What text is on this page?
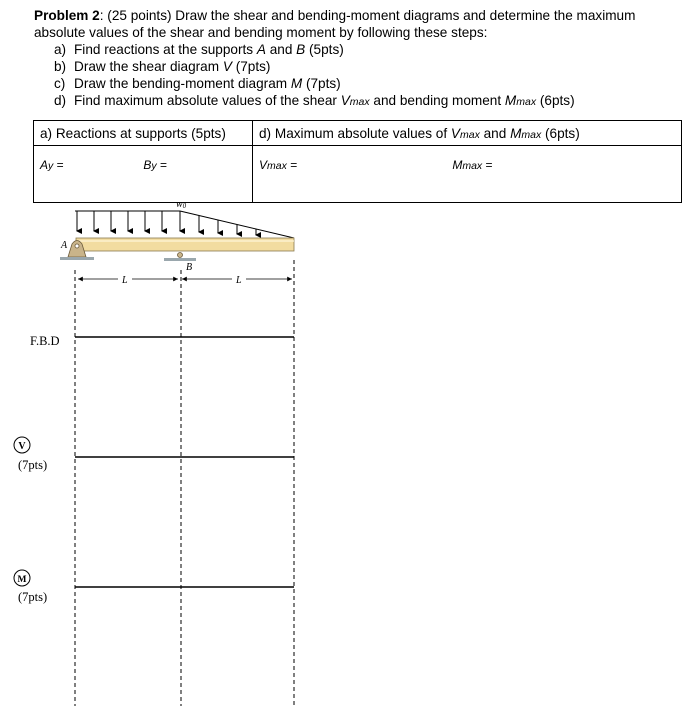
Problem 2: (25 points) Draw the shear and bending-moment diagrams and determine the maximum absolute values of the shear and bending moment by following these steps:

a) Find reactions at the supports A and B (5pts)
b) Draw the shear diagram V (7pts)
c) Draw the bending-moment diagram M (7pts)
d) Find maximum absolute values of the shear Vmax and bending moment Mmax (6pts)
a) Reactions at supports (5pts)	d) Maximum absolute values of Vmax and Mmax (6pts)
Ay = By =	Vmax = Mmax =
w0
A
B
L	L
F.B.D
V
(7pts)
M
(7pts)
